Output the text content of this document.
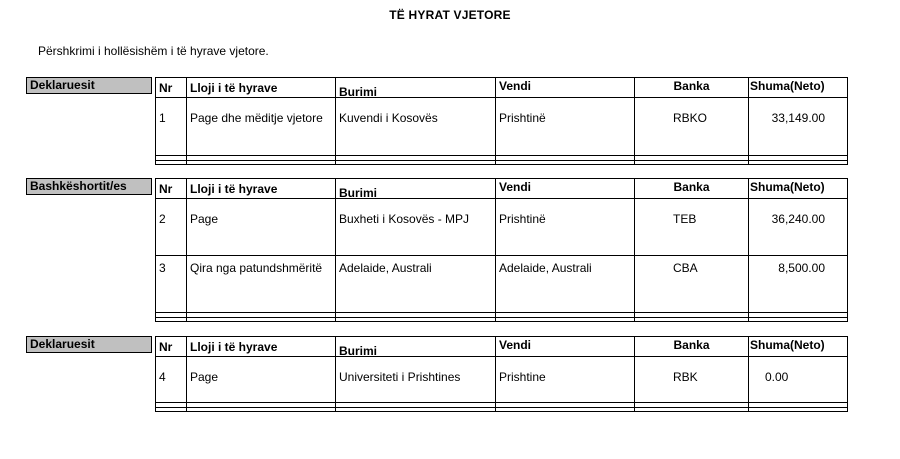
TË HYRAT VJETORE
Përshkrimi i hollësishëm i të hyrave vjetore.
Deklaruesit	Nr	Lloji i të hyrave	Burimi	Vendi	Banka	Shuma(Neto)
1	Page dhe mëditje vjetore	Kuvendi i Kosovës	Prishtinë	RBKO	33,149.00
Bashkëshortit/es	Nr	Lloji i të hyrave	Burimi	Vendi	Banka	Shuma(Neto)
2	Page	Buxheti i Kosovës - MPJ	Prishtinë	TEB	36,240.00
3	Qira nga patundshmëritë	Adelaide, Australi	Adelaide, Australi	CBA	8,500.00
Deklaruesit	Nr	Lloji i të hyrave	Burimi	Vendi	Banka	Shuma(Neto)
4	Page	Universiteti i Prishtines	Prishtine	RBK	0.00
